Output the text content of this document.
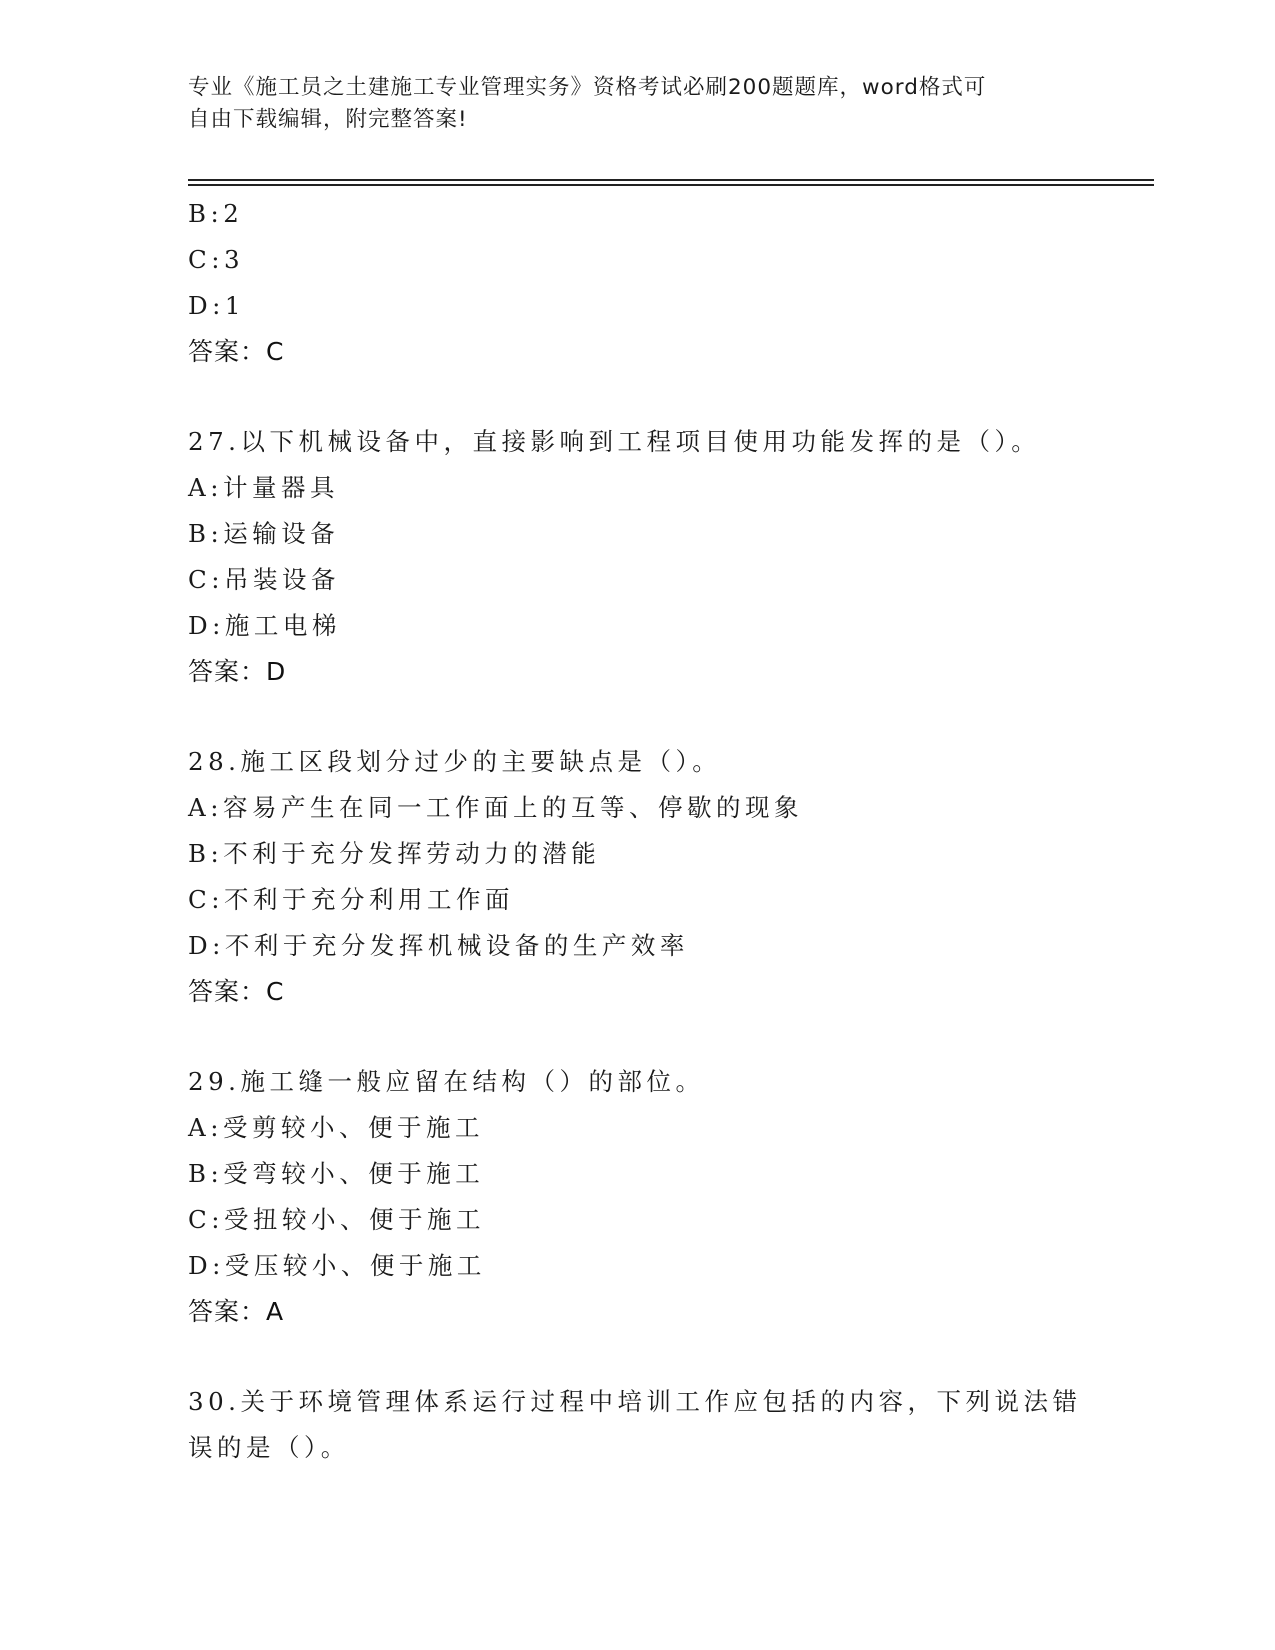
专业《施工员之土建施工专业管理实务》资格考试必刷200题题库，word格式可
自由下载编辑，附完整答案!
B:2
C:3
D:1
答案：C
27.以下机械设备中，直接影响到工程项目使用功能发挥的是（）。
A:计量器具
B:运输设备
C:吊装设备
D:施工电梯
答案：D
28.施工区段划分过少的主要缺点是（）。
A:容易产生在同一工作面上的互等、停歇的现象
B:不利于充分发挥劳动力的潜能
C:不利于充分利用工作面
D:不利于充分发挥机械设备的生产效率
答案：C
29.施工缝一般应留在结构（）的部位。
A:受剪较小、便于施工
B:受弯较小、便于施工
C:受扭较小、便于施工
D:受压较小、便于施工
答案：A
30.关于环境管理体系运行过程中培训工作应包括的内容，下列说法错
误的是（）。
